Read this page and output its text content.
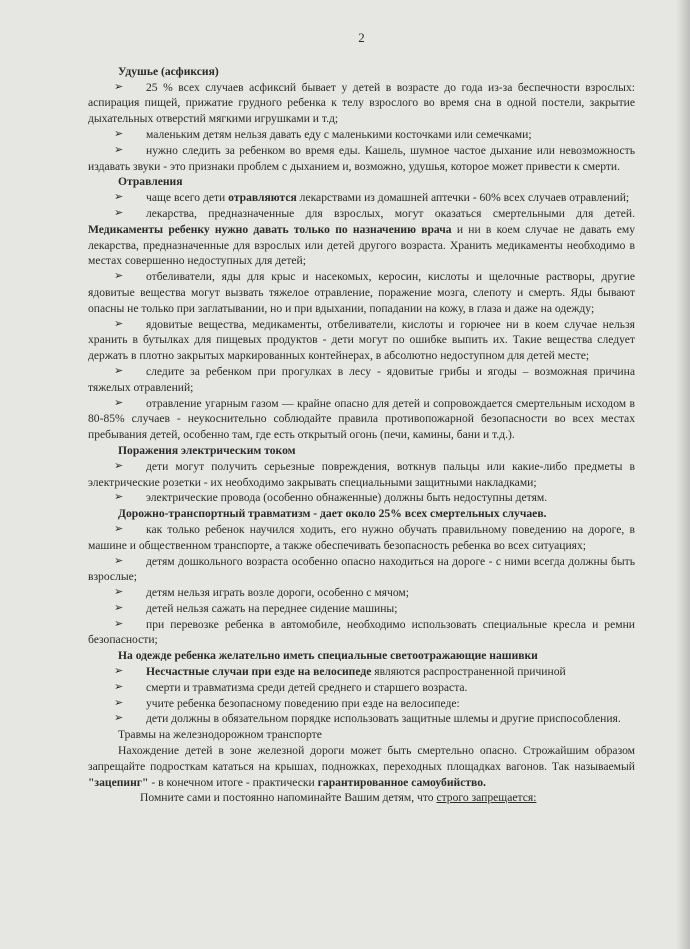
2
Удушье (асфиксия)
➢ 25 % всех случаев асфиксий бывает у детей в возрасте до года из-за беспечности взрослых: аспирация пищей, прижатие грудного ребенка к телу взрослого во время сна в одной постели, закрытие дыхательных отверстий мягкими игрушками и т.д;
➢ маленьким детям нельзя давать еду с маленькими косточками или семечками;
➢ нужно следить за ребенком во время еды. Кашель, шумное частое дыхание или невозможность издавать звуки - это признаки проблем с дыханием и, возможно, удушья, которое может привести к смерти.
Отравления
➢ чаще всего дети отравляются лекарствами из домашней аптечки - 60% всех случаев отравлений;
➢ лекарства, предназначенные для взрослых, могут оказаться смертельными для детей. Медикаменты ребенку нужно давать только по назначению врача и ни в коем случае не давать ему лекарства, предназначенные для взрослых или детей другого возраста. Хранить медикаменты необходимо в местах совершенно недоступных для детей;
➢ отбеливатели, яды для крыс и насекомых, керосин, кислоты и щелочные растворы, другие ядовитые вещества могут вызвать тяжелое отравление, поражение мозга, слепоту и смерть. Яды бывают опасны не только при заглатывании, но и при вдыхании, попадании на кожу, в глаза и даже на одежду;
➢ ядовитые вещества, медикаменты, отбеливатели, кислоты и горючее ни в коем случае нельзя хранить в бутылках для пищевых продуктов - дети могут по ошибке выпить их. Такие вещества следует держать в плотно закрытых маркированных контейнерах, в абсолютно недоступном для детей месте;
➢ следите за ребенком при прогулках в лесу - ядовитые грибы и ягоды – возможная причина тяжелых отравлений;
➢ отравление угарным газом — крайне опасно для детей и сопровождается смертельным исходом в 80-85% случаев - неукоснительно соблюдайте правила противопожарной безопасности во всех местах пребывания детей, особенно там, где есть открытый огонь (печи, камины, бани и т.д.).
Поражения электрическим током
➢ дети могут получить серьезные повреждения, воткнув пальцы или какие-либо предметы в электрические розетки - их необходимо закрывать специальными защитными накладками;
➢ электрические провода (особенно обнаженные) должны быть недоступны детям.
Дорожно-транспортный травматизм - дает около 25% всех смертельных случаев.
➢ как только ребенок научился ходить, его нужно обучать правильному поведению на дороге, в машине и общественном транспорте, а также обеспечивать безопасность ребенка во всех ситуациях;
➢ детям дошкольного возраста особенно опасно находиться на дороге - с ними всегда должны быть взрослые;
➢ детям нельзя играть возле дороги, особенно с мячом;
➢ детей нельзя сажать на переднее сидение машины;
➢ при перевозке ребенка в автомобиле, необходимо использовать специальные кресла и ремни безопасности;
На одежде ребенка желательно иметь специальные светоотражающие нашивки
➢ Несчастные случаи при езде на велосипеде являются распространенной причиной
➢ смерти и травматизма среди детей среднего и старшего возраста.
➢ учите ребенка безопасному поведению при езде на велосипеде:
➢ дети должны в обязательном порядке использовать защитные шлемы и другие приспособления.
Травмы на железнодорожном транспорте
Нахождение детей в зоне железной дороги может быть смертельно опасно. Строжайшим образом запрещайте подросткам кататься на крышах, подножках, переходных площадках вагонов. Так называемый "зацепинг" - в конечном итоге - практически гарантированное самоубийство.
Помните сами и постоянно напоминайте Вашим детям, что строго запрещается:
